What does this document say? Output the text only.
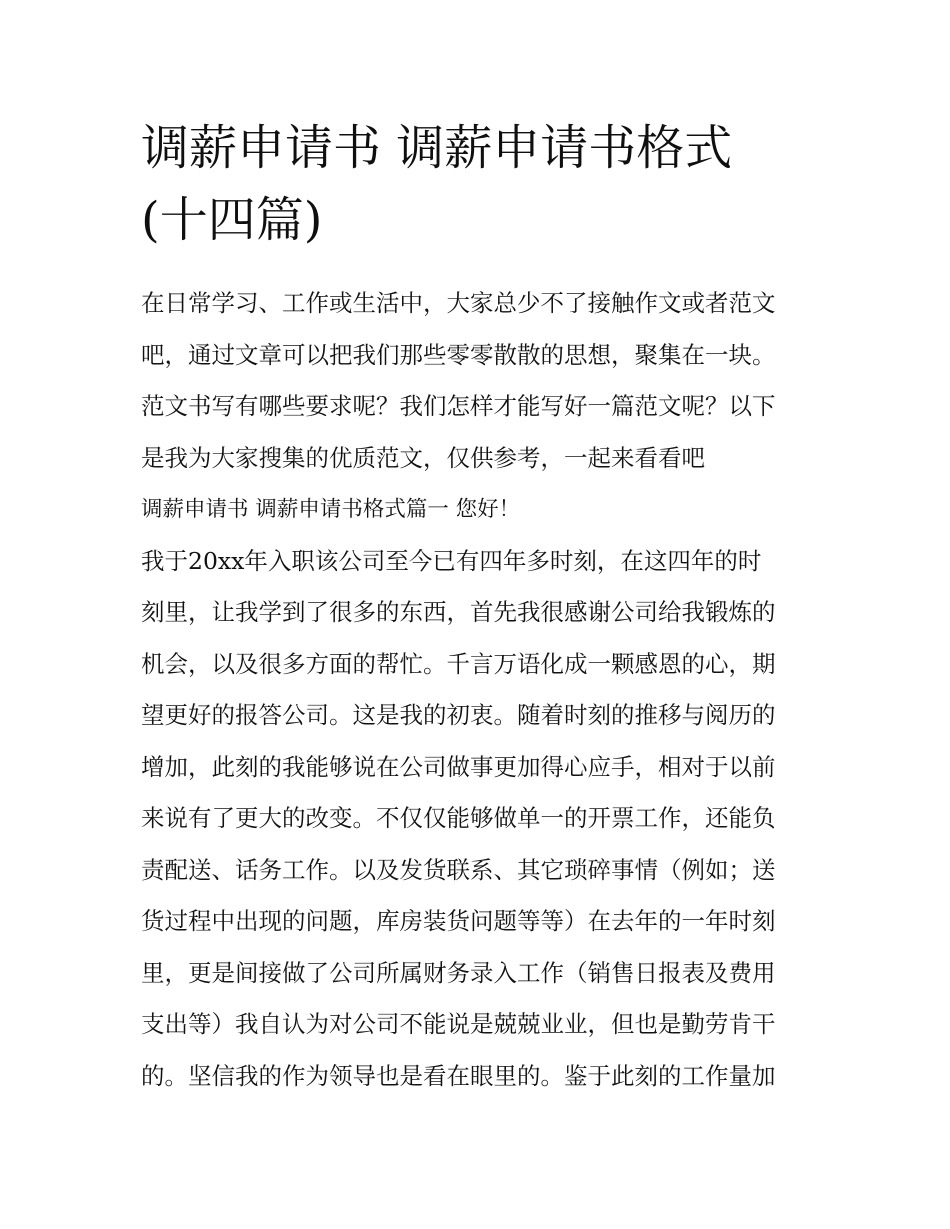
调薪申请书 调薪申请书格式
(十四篇)
在日常学习、工作或生活中，大家总少不了接触作文或者范文
吧，通过文章可以把我们那些零零散散的思想，聚集在一块。
范文书写有哪些要求呢？我们怎样才能写好一篇范文呢？以下
是我为大家搜集的优质范文，仅供参考，一起来看看吧
调薪申请书 调薪申请书格式篇一 您好！
我于20xx年入职该公司至今已有四年多时刻，在这四年的时
刻里，让我学到了很多的东西，首先我很感谢公司给我锻炼的
机会，以及很多方面的帮忙。千言万语化成一颗感恩的心，期
望更好的报答公司。这是我的初衷。随着时刻的推移与阅历的
增加，此刻的我能够说在公司做事更加得心应手，相对于以前
来说有了更大的改变。不仅仅能够做单一的开票工作，还能负
责配送、话务工作。以及发货联系、其它琐碎事情（例如；送
货过程中出现的问题，库房装货问题等等）在去年的一年时刻
里，更是间接做了公司所属财务录入工作（销售日报表及费用
支出等）我自认为对公司不能说是兢兢业业，但也是勤劳肯干
的。坚信我的作为领导也是看在眼里的。鉴于此刻的工作量加
